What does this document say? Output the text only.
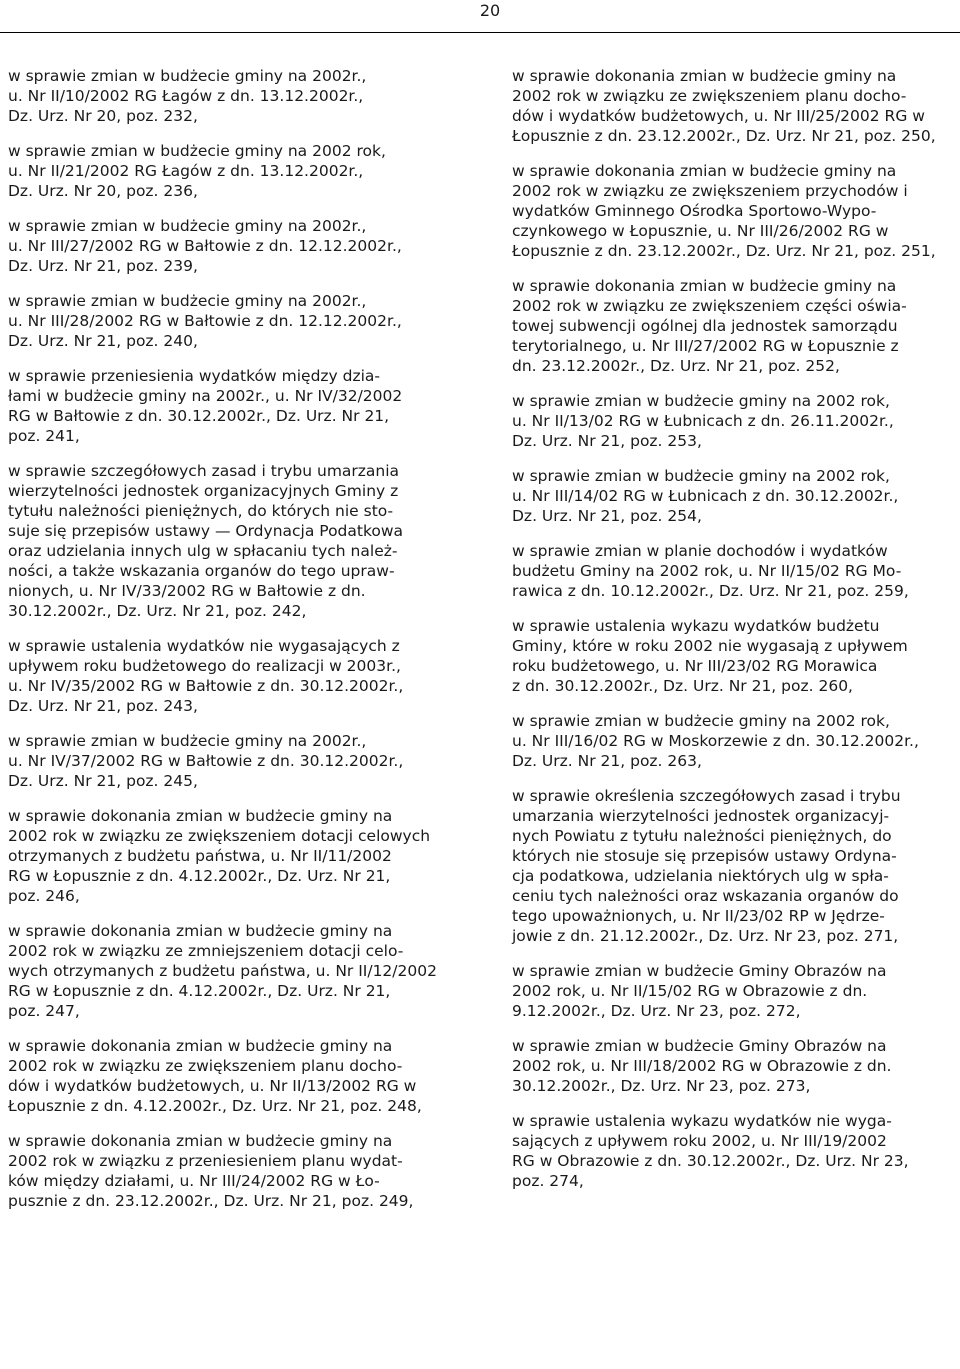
20

w sprawie zmian w budżecie gminy na 2002r.,
u. Nr II/10/2002 RG Łagów z dn. 13.12.2002r.,
Dz. Urz. Nr 20, poz. 232,

w sprawie zmian w budżecie gminy na 2002 rok,
u. Nr II/21/2002 RG Łagów z dn. 13.12.2002r.,
Dz. Urz. Nr 20, poz. 236,

w sprawie zmian w budżecie gminy na 2002r.,
u. Nr III/27/2002 RG w Bałtowie z dn. 12.12.2002r.,
Dz. Urz. Nr 21, poz. 239,

w sprawie zmian w budżecie gminy na 2002r.,
u. Nr III/28/2002 RG w Bałtowie z dn. 12.12.2002r.,
Dz. Urz. Nr 21, poz. 240,

w sprawie przeniesienia wydatków między dzia-
łami w budżecie gminy na 2002r., u. Nr IV/32/2002
RG w Bałtowie z dn. 30.12.2002r., Dz. Urz. Nr 21,
poz. 241,

w sprawie szczegółowych zasad i trybu umarzania
wierzytelności jednostek organizacyjnych Gminy z
tytułu należności pieniężnych, do których nie sto-
suje się przepisów ustawy — Ordynacja Podatkowa
oraz udzielania innych ulg w spłacaniu tych należ-
ności, a także wskazania organów do tego upraw-
nionych, u. Nr IV/33/2002 RG w Bałtowie z dn.
30.12.2002r., Dz. Urz. Nr 21, poz. 242,

w sprawie ustalenia wydatków nie wygasających z
upływem roku budżetowego do realizacji w 2003r.,
u. Nr IV/35/2002 RG w Bałtowie z dn. 30.12.2002r.,
Dz. Urz. Nr 21, poz. 243,

w sprawie zmian w budżecie gminy na 2002r.,
u. Nr IV/37/2002 RG w Bałtowie z dn. 30.12.2002r.,
Dz. Urz. Nr 21, poz. 245,

w sprawie dokonania zmian w budżecie gminy na
2002 rok w związku ze zwiększeniem dotacji celowych
otrzymanych z budżetu państwa, u. Nr II/11/2002
RG w Łopusznie z dn. 4.12.2002r., Dz. Urz. Nr 21,
poz. 246,

w sprawie dokonania zmian w budżecie gminy na
2002 rok w związku ze zmniejszeniem dotacji celo-
wych otrzymanych z budżetu państwa, u. Nr II/12/2002
RG w Łopusznie z dn. 4.12.2002r., Dz. Urz. Nr 21,
poz. 247,

w sprawie dokonania zmian w budżecie gminy na
2002 rok w związku ze zwiększeniem planu docho-
dów i wydatków budżetowych, u. Nr II/13/2002 RG w
Łopusznie z dn. 4.12.2002r., Dz. Urz. Nr 21, poz. 248,

w sprawie dokonania zmian w budżecie gminy na
2002 rok w związku z przeniesieniem planu wydat-
ków między działami, u. Nr III/24/2002 RG w Ło-
pusznie z dn. 23.12.2002r., Dz. Urz. Nr 21, poz. 249,

w sprawie dokonania zmian w budżecie gminy na
2002 rok w związku ze zwiększeniem planu docho-
dów i wydatków budżetowych, u. Nr III/25/2002 RG w
Łopusznie z dn. 23.12.2002r., Dz. Urz. Nr 21, poz. 250,

w sprawie dokonania zmian w budżecie gminy na
2002 rok w związku ze zwiększeniem przychodów i
wydatków Gminnego Ośrodka Sportowo-Wypo-
czynkowego w Łopusznie, u. Nr III/26/2002 RG w
Łopusznie z dn. 23.12.2002r., Dz. Urz. Nr 21, poz. 251,

w sprawie dokonania zmian w budżecie gminy na
2002 rok w związku ze zwiększeniem części oświa-
towej subwencji ogólnej dla jednostek samorządu
terytorialnego, u. Nr III/27/2002 RG w Łopusznie z
dn. 23.12.2002r., Dz. Urz. Nr 21, poz. 252,

w sprawie zmian w budżecie gminy na 2002 rok,
u. Nr II/13/02 RG w Łubnicach z dn. 26.11.2002r.,
Dz. Urz. Nr 21, poz. 253,

w sprawie zmian w budżecie gminy na 2002 rok,
u. Nr III/14/02 RG w Łubnicach z dn. 30.12.2002r.,
Dz. Urz. Nr 21, poz. 254,

w sprawie zmian w planie dochodów i wydatków
budżetu Gminy na 2002 rok, u. Nr II/15/02 RG Mo-
rawica z dn. 10.12.2002r., Dz. Urz. Nr 21, poz. 259,

w sprawie ustalenia wykazu wydatków budżetu
Gminy, które w roku 2002 nie wygasają z upływem
roku budżetowego, u. Nr III/23/02 RG Morawica
z dn. 30.12.2002r., Dz. Urz. Nr 21, poz. 260,

w sprawie zmian w budżecie gminy na 2002 rok,
u. Nr III/16/02 RG w Moskorzewie z dn. 30.12.2002r.,
Dz. Urz. Nr 21, poz. 263,

w sprawie określenia szczegółowych zasad i trybu
umarzania wierzytelności jednostek organizacyj-
nych Powiatu z tytułu należności pieniężnych, do
których nie stosuje się przepisów ustawy Ordyna-
cja podatkowa, udzielania niektórych ulg w spła-
ceniu tych należności oraz wskazania organów do
tego upoważnionych, u. Nr II/23/02 RP w Jędrze-
jowie z dn. 21.12.2002r., Dz. Urz. Nr 23, poz. 271,

w sprawie zmian w budżecie Gminy Obrazów na
2002 rok, u. Nr II/15/02 RG w Obrazowie z dn.
9.12.2002r., Dz. Urz. Nr 23, poz. 272,

w sprawie zmian w budżecie Gminy Obrazów na
2002 rok, u. Nr III/18/2002 RG w Obrazowie z dn.
30.12.2002r., Dz. Urz. Nr 23, poz. 273,

w sprawie ustalenia wykazu wydatków nie wyga-
sających z upływem roku 2002, u. Nr III/19/2002
RG w Obrazowie z dn. 30.12.2002r., Dz. Urz. Nr 23,
poz. 274,
